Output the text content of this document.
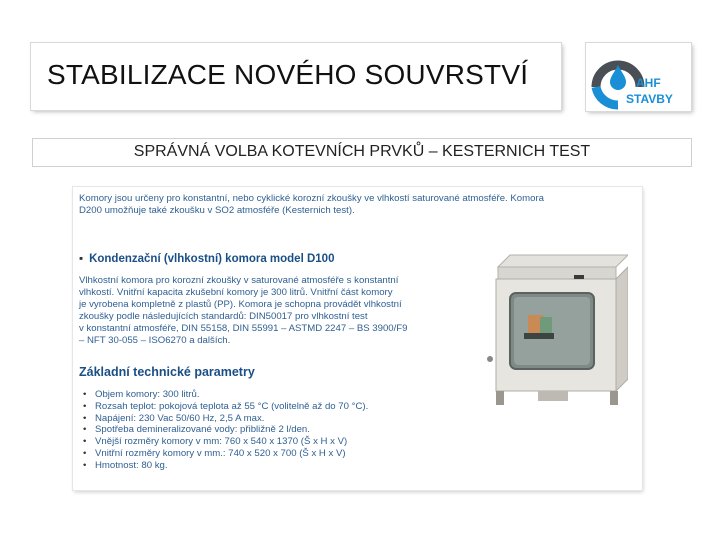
STABILIZACE NOVÉHO SOUVRSTVÍ	AHF
STAVBY
SPRÁVNÁ VOLBA KOTEVNÍCH PRVKŮ – KESTERNICH TEST
Komory jsou určeny pro konstantní, nebo cyklické korozní zkoušky ve vlhkostí saturované atmosféře. Komora
D200 umožňuje také zkoušku v SO2 atmosféře (Kesternich test).
▪ Kondenzační (vlhkostní) komora model D100
Vlhkostní komora pro korozní zkoušky v saturované atmosféře s konstantní
vlhkostí. Vnitřní kapacita zkušební komory je 300 litrů. Vnitřní část komory
je vyrobena kompletně z plastů (PP). Komora je schopna provádět vlhkostní
zkoušky podle následujících standardů: DIN50017 pro vlhkostní test
v konstantní atmosféře, DIN 55158, DIN 55991 – ASTMD 2247 – BS 3900/F9
– NFT 30-055 – ISO6270 a dalších.
Základní technické parametry
• Objem komory: 300 litrů.
• Rozsah teplot: pokojová teplota až 55 °C (volitelně až do 70 °C).
• Napájení: 230 Vac 50/60 Hz, 2,5 A max.
• Spotřeba demineralizované vody: přibližně 2 l/den.
• Vnější rozměry komory v mm: 760 x 540 x 1370 (Š x H x V)
• Vnitřní rozměry komory v mm.: 740 x 520 x 700 (Š x H x V)
• Hmotnost: 80 kg.
